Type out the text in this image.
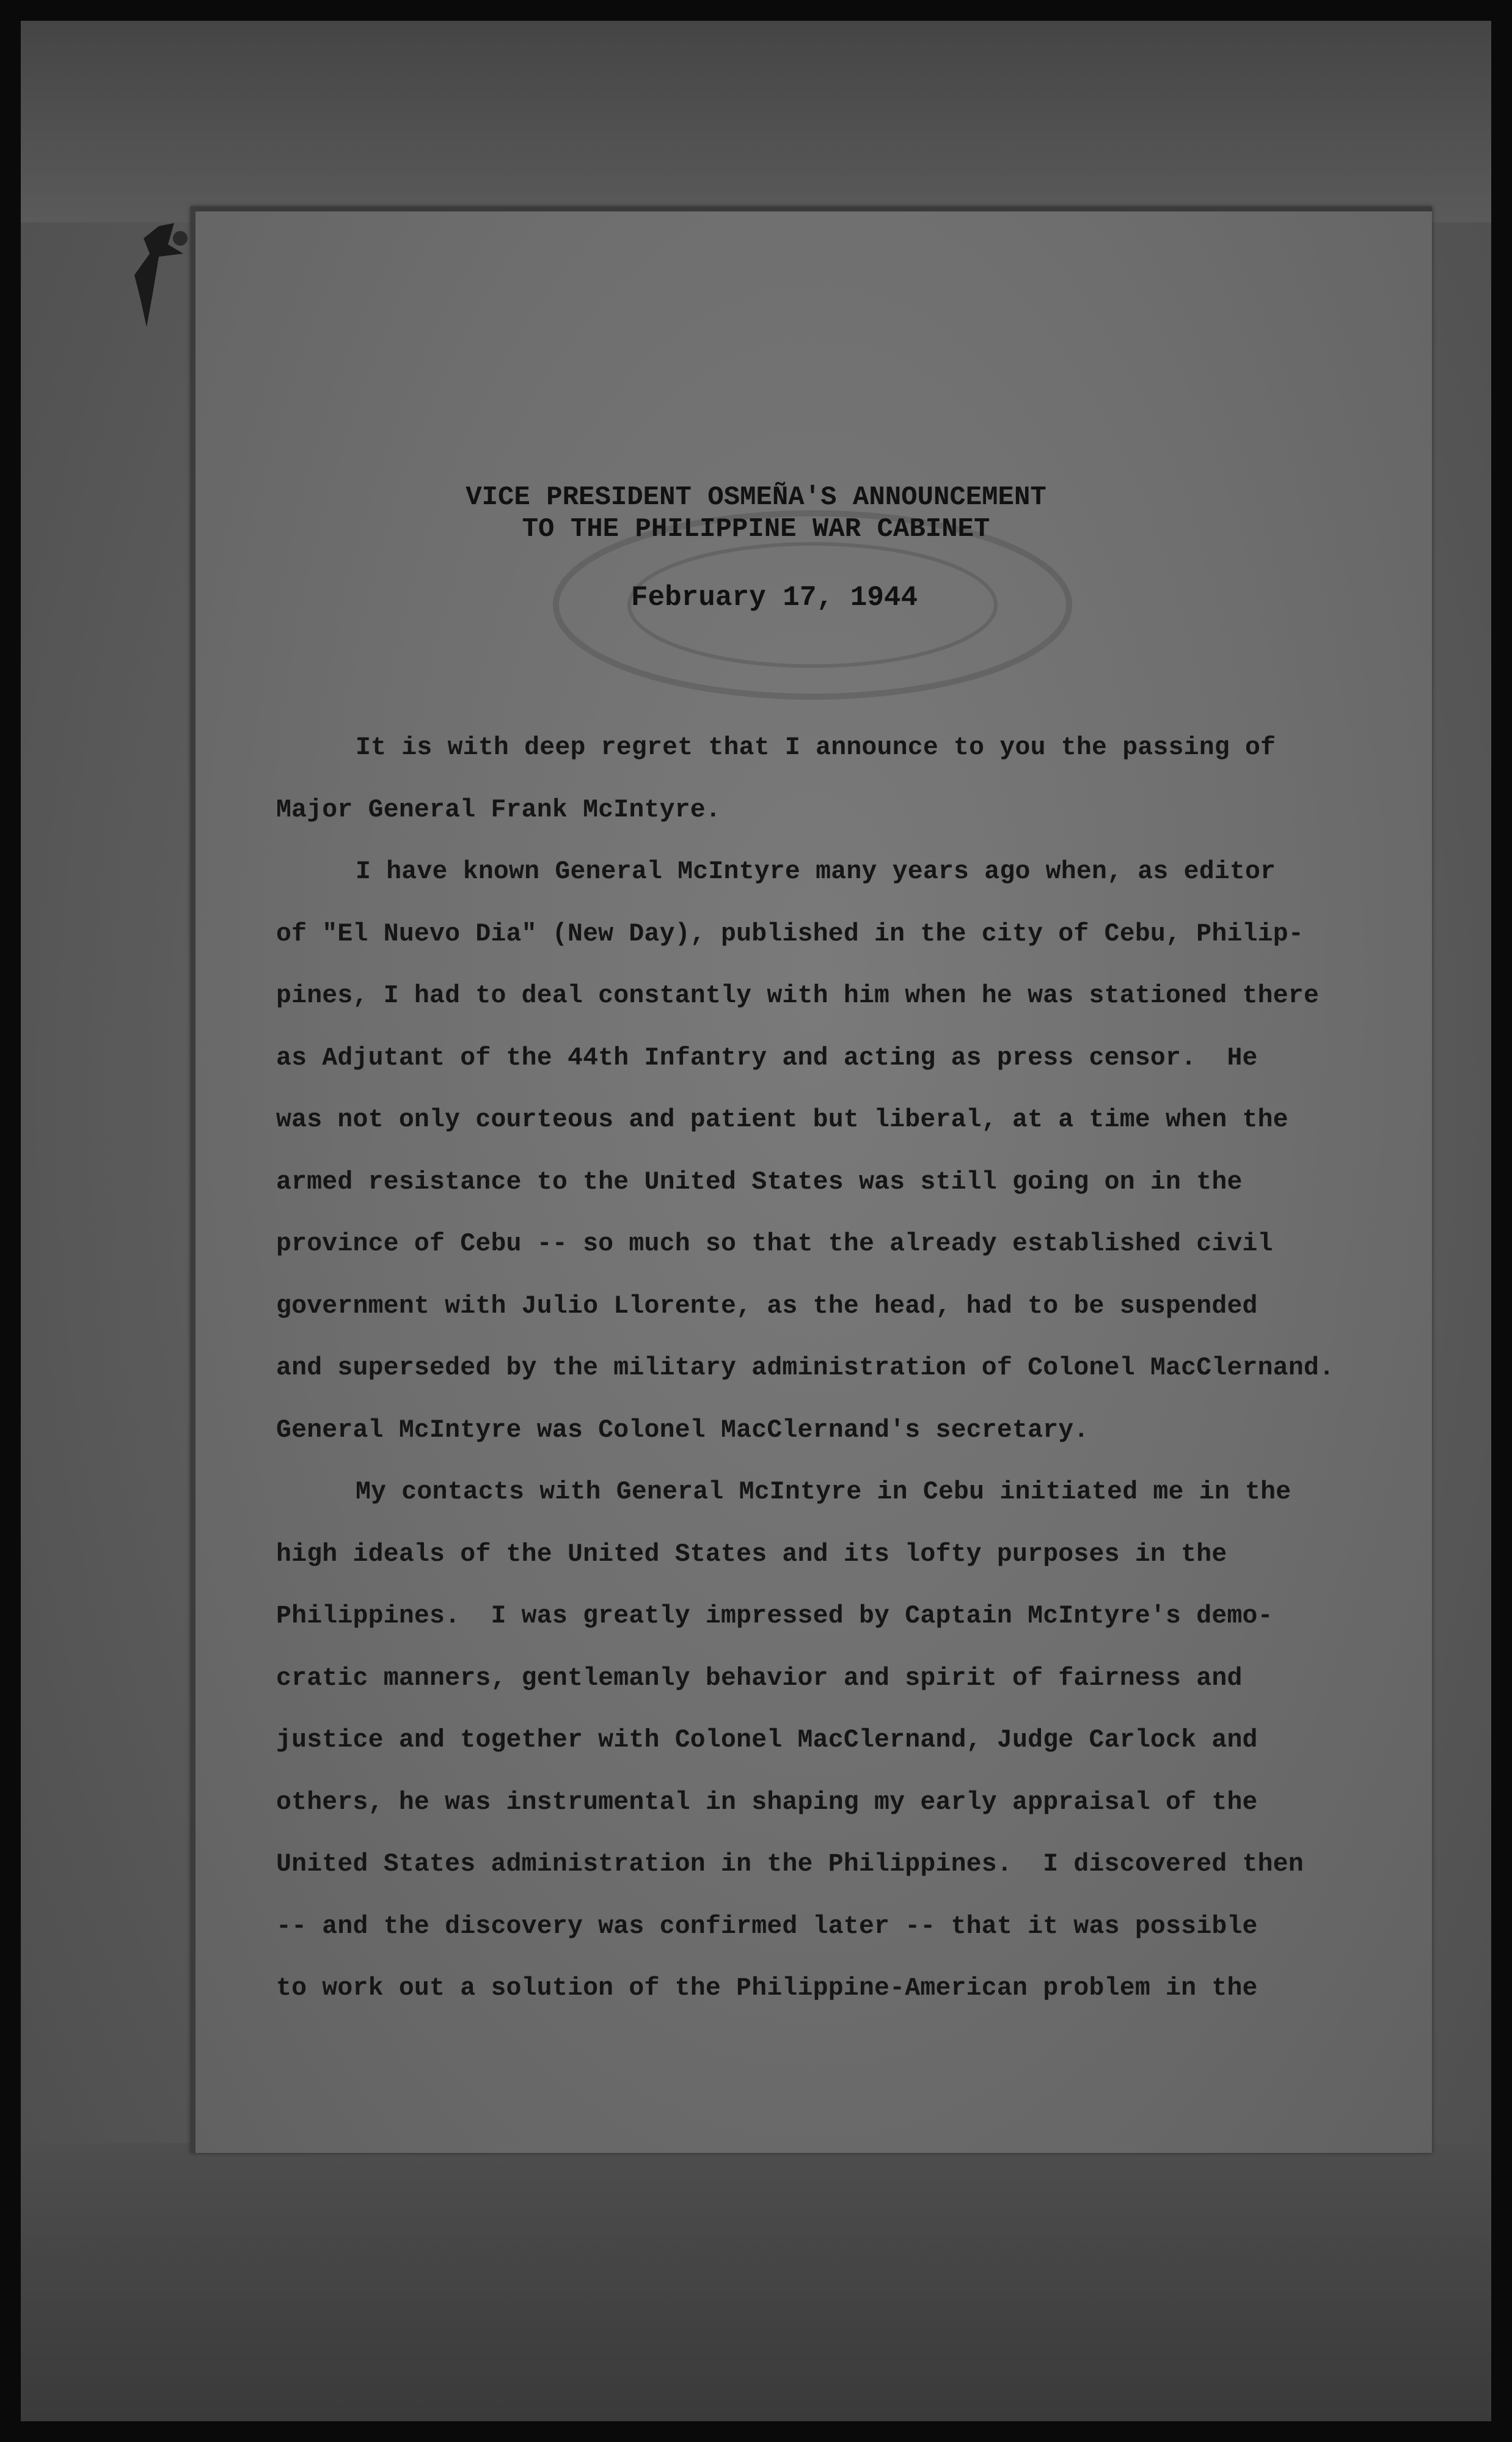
VICE PRESIDENT OSMEÑA'S ANNOUNCEMENT
TO THE PHILIPPINE WAR CABINET
February 17, 1944
It is with deep regret that I announce to you the passing of
Major General Frank McIntyre.
I have known General McIntyre many years ago when, as editor
of "El Nuevo Dia" (New Day), published in the city of Cebu, Philip-
pines, I had to deal constantly with him when he was stationed there
as Adjutant of the 44th Infantry and acting as press censor.  He
was not only courteous and patient but liberal, at a time when the
armed resistance to the United States was still going on in the
province of Cebu -- so much so that the already established civil
government with Julio Llorente, as the head, had to be suspended
and superseded by the military administration of Colonel MacClernand.
General McIntyre was Colonel MacClernand's secretary.
My contacts with General McIntyre in Cebu initiated me in the
high ideals of the United States and its lofty purposes in the
Philippines.  I was greatly impressed by Captain McIntyre's demo-
cratic manners, gentlemanly behavior and spirit of fairness and
justice and together with Colonel MacClernand, Judge Carlock and
others, he was instrumental in shaping my early appraisal of the
United States administration in the Philippines.  I discovered then
-- and the discovery was confirmed later -- that it was possible
to work out a solution of the Philippine-American problem in the
